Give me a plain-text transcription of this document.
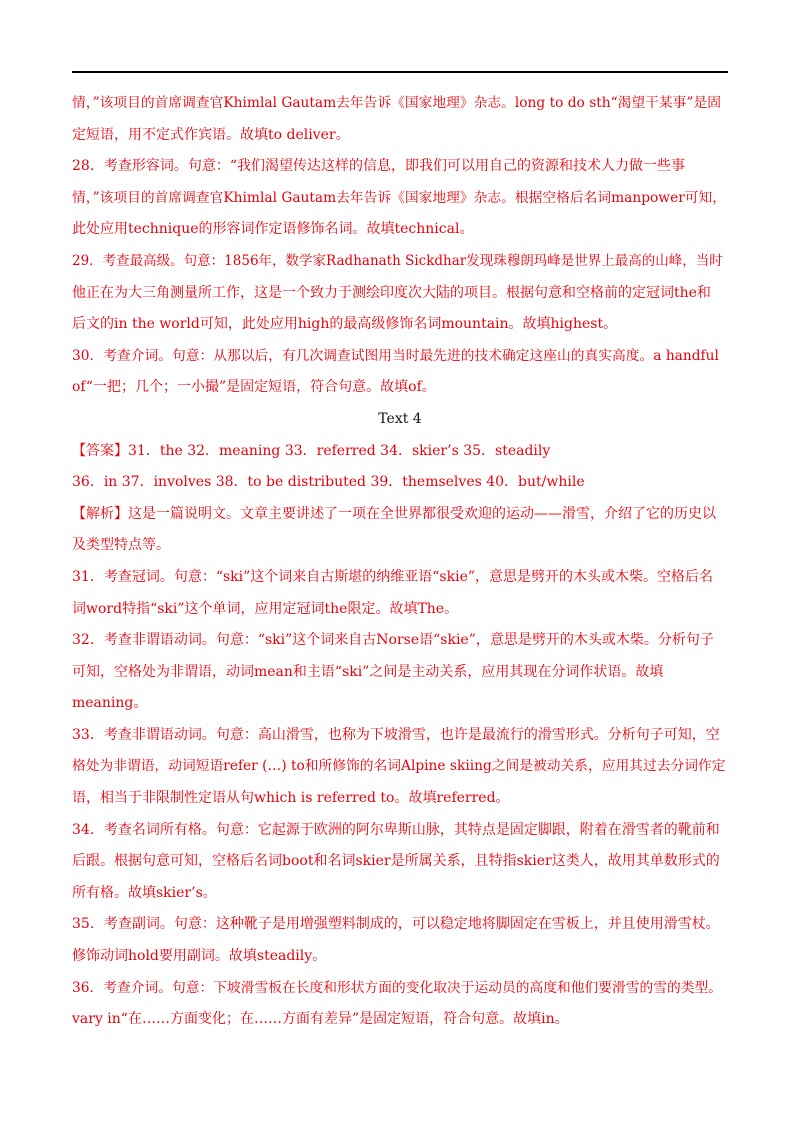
情，”该项目的首席调查官Khimlal Gautam去年告诉《国家地理》杂志。long to do sth“渴望干某事”是固
定短语，用不定式作宾语。故填to deliver。
28．考查形容词。句意：“我们渴望传达这样的信息，即我们可以用自己的资源和技术人力做一些事
情，”该项目的首席调查官Khimlal Gautam去年告诉《国家地理》杂志。根据空格后名词manpower可知，
此处应用technique的形容词作定语修饰名词。故填technical。
29．考查最高级。句意：1856年，数学家Radhanath Sickdhar发现珠穆朗玛峰是世界上最高的山峰，当时
他正在为大三角测量所工作，这是一个致力于测绘印度次大陆的项目。根据句意和空格前的定冠词the和
后文的in the world可知，此处应用high的最高级修饰名词mountain。故填highest。
30．考查介词。句意：从那以后，有几次调查试图用当时最先进的技术确定这座山的真实高度。a handful
of“一把；几个；一小撮”是固定短语，符合句意。故填of。
Text 4
【答案】31．the 32．meaning 33．referred 34．skier’s 35．steadily
36．in 37．involves 38．to be distributed 39．themselves 40．but/while
【解析】这是一篇说明文。文章主要讲述了一项在全世界都很受欢迎的运动——滑雪，介绍了它的历史以
及类型特点等。
31．考查冠词。句意：“ski”这个词来自古斯堪的纳维亚语“skie”，意思是劈开的木头或木柴。空格后名
词word特指“ski”这个单词，应用定冠词the限定。故填The。
32．考查非谓语动词。句意：“ski”这个词来自古Norse语“skie”，意思是劈开的木头或木柴。分析句子
可知，空格处为非谓语，动词mean和主语“ski”之间是主动关系，应用其现在分词作状语。故填
meaning。
33．考查非谓语动词。句意：高山滑雪，也称为下坡滑雪，也许是最流行的滑雪形式。分析句子可知，空
格处为非谓语，动词短语refer (…) to和所修饰的名词Alpine skiing之间是被动关系，应用其过去分词作定
语，相当于非限制性定语从句which is referred to。故填referred。
34．考查名词所有格。句意：它起源于欧洲的阿尔卑斯山脉，其特点是固定脚跟，附着在滑雪者的靴前和
后跟。根据句意可知，空格后名词boot和名词skier是所属关系，且特指skier这类人，故用其单数形式的
所有格。故填skier’s。
35．考查副词。句意：这种靴子是用增强塑料制成的，可以稳定地将脚固定在雪板上，并且使用滑雪杖。
修饰动词hold要用副词。故填steadily。
36．考查介词。句意：下坡滑雪板在长度和形状方面的变化取决于运动员的高度和他们要滑雪的雪的类型。
vary in“在……方面变化；在……方面有差异”是固定短语，符合句意。故填in。
